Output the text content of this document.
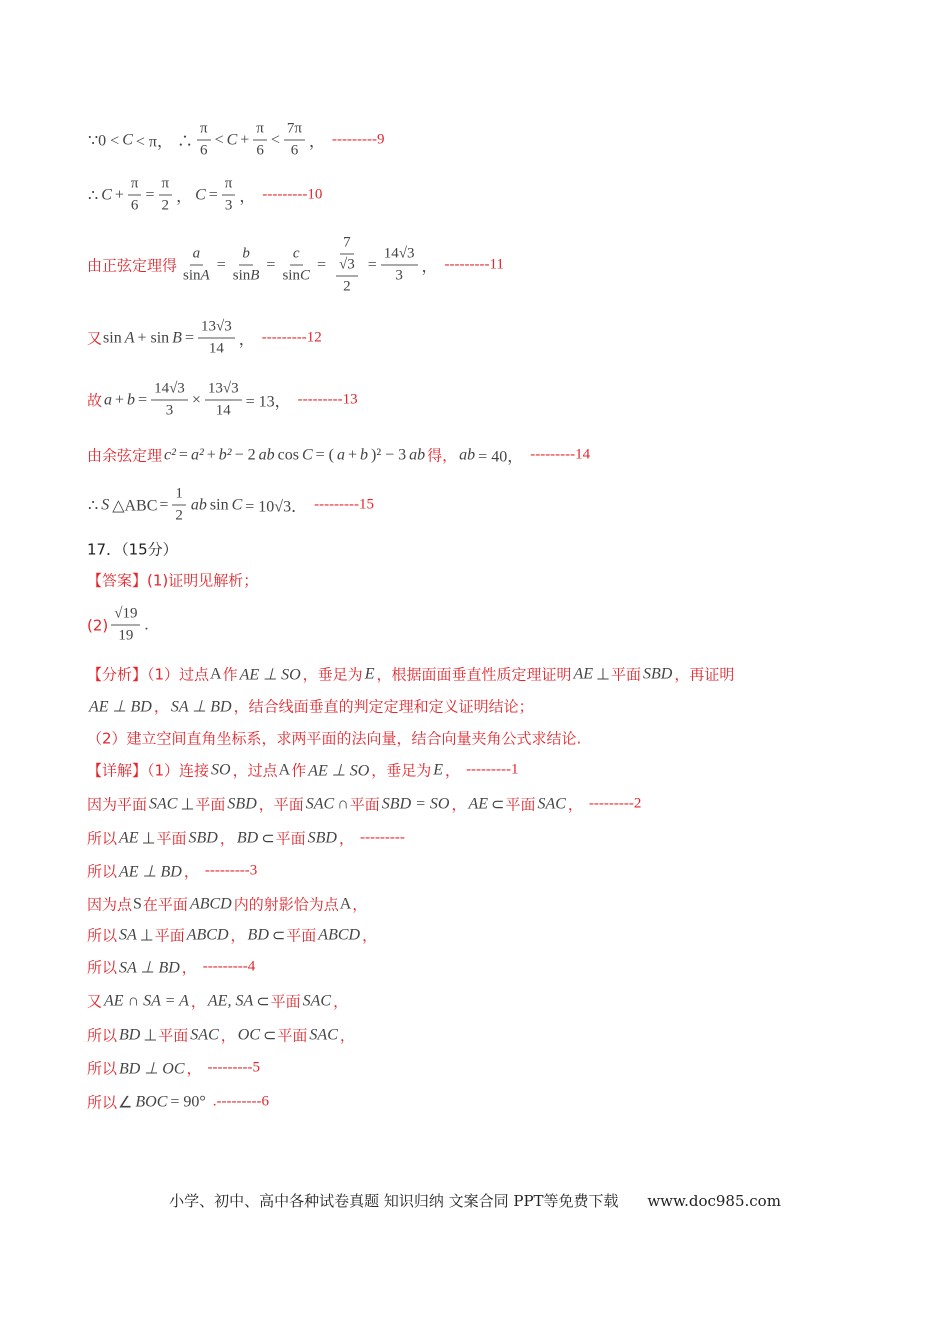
∵0 < C < π， ∴ $\frac{\pi}{6} < C + \frac{\pi}{6} < \frac{7\pi}{6}$ ， ---------9
∴ $C + \frac{\pi}{6} = \frac{\pi}{2}$ ， $C = \frac{\pi}{3}$ ， ---------10
由正弦定理得 $\frac{a}{\text{sin A}} = \frac{b}{\text{sin B}} = \frac{c}{\text{sin C}} = \frac{7}{\frac{√3}{2}} = \frac{14√3}{3}$ ， ---------11
又 $\sin A + \sin B = \frac{13√3}{14}$ ， ---------12
故 $a + b = \frac{14√3}{3} \times \frac{13√3}{14} = 13$， ---------13
由余弦定理 c² = a² + b² − 2 ab cos C = ( a + b )² − 3 ab 得， ab = 40， ---------14
∴ S △ABC = $\frac{1}{2}$ ab sin C = 10√3． ---------15
17．（15分）
【答案】(1)证明见解析；
$(2) \frac{√19}{19}$ .
【分析】（1）过点 A 作 AE ⊥ SO ，垂足为 E ，根据面面垂直性质定理证明 AE ⊥ 平面 SBD ，再证明
AE ⊥ BD ， SA ⊥ BD ，结合线面垂直的判定定理和定义证明结论；
（2）建立空间直角坐标系，求两平面的法向量，结合向量夹角公式求结论.
【详解】（1）连接 SO ，过点 A 作 AE ⊥ SO ，垂足为 E ， ---------1
因为平面 SAC ⊥ 平面 SBD ，平面 SAC ∩ 平面 SBD = SO ， AE ⊂ 平面 SAC ， ---------2
所以 AE ⊥ 平面 SBD ， BD ⊂ 平面 SBD ， ---------
所以 AE ⊥ BD ， ---------3
因为点 S 在平面 ABCD 内的射影恰为点 A ，
所以 SA ⊥ 平面 ABCD ， BD ⊂ 平面 ABCD ，
所以 SA ⊥ BD ， ---------4
又 AE ∩ SA = A ， AE, SA ⊂ 平面 SAC ，
所以 BD ⊥ 平面 SAC ， OC ⊂ 平面 SAC ，
所以 BD ⊥ OC ， ---------5
所以 ∠ BOC = 90° .---------6
小学、初中、高中各种试卷真题 知识归纳 文案合同 PPT等免费下载 www.doc985.com
